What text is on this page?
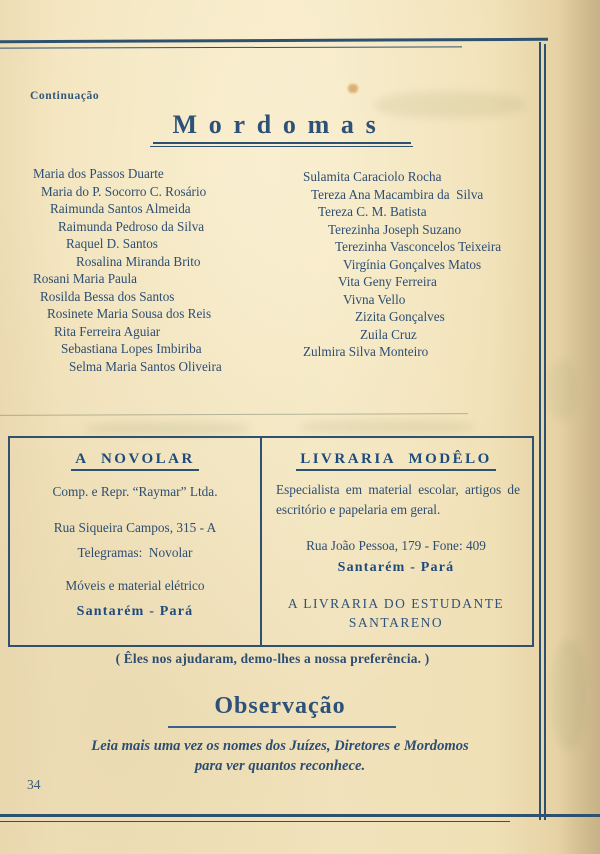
Continuação
Mordomas
Maria dos Passos Duarte
Maria do P. Socorro C. Rosário
Raimunda Santos Almeida
Raimunda Pedroso da Silva
Raquel D. Santos
Rosalina Miranda Brito
Rosani Maria Paula
Rosilda Bessa dos Santos
Rosinete Maria Sousa dos Reis
Rita Ferreira Aguiar
Sebastiana Lopes Imbiriba
Selma Maria Santos Oliveira
Sulamita Caraciolo Rocha
Tereza Ana Macambira da  Silva
Tereza C. M. Batista
Terezinha Joseph Suzano
Terezinha Vasconcelos Teixeira
Virgínia Gonçalves Matos
Vita Geny Ferreira
Vivna Vello
Zizita Gonçalves
Zuila Cruz
Zulmira Silva Monteiro
A NOVOLAR
Comp. e Repr. “Raymar” Ltda.
Rua Siqueira Campos, 315 - A
Telegramas:  Novolar
Móveis e material elétrico
Santarém - Pará
LIVRARIA MODÊLO
Especialista em material escolar, artigos de escritório e papelaria em geral.
Rua João Pessoa, 179 - Fone: 409
Santarém - Pará
A LIVRARIA DO ESTUDANTE
SANTARENO
( Êles nos ajudaram, demo-lhes a nossa preferência. )
Observação
Leia mais uma vez os nomes dos Juízes, Diretores e Mordomos
para ver quantos reconhece.
34
